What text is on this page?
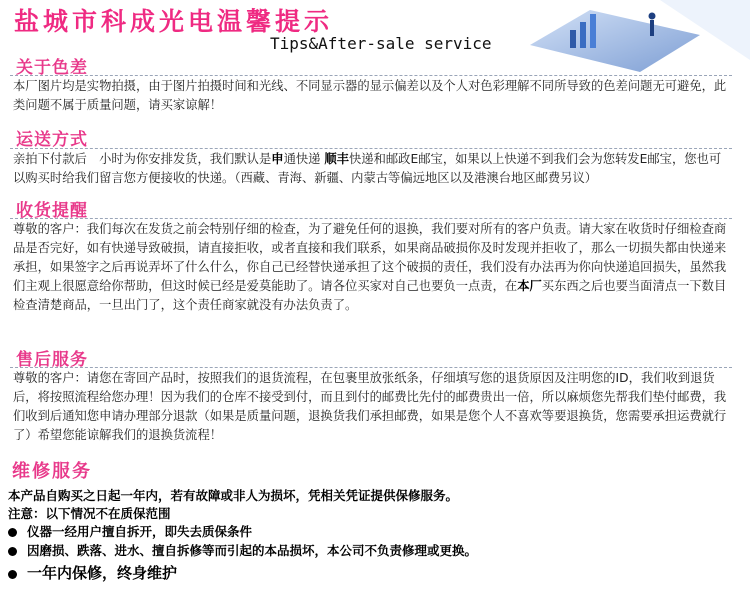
盐城市科成光电温馨提示
Tips&After-sale service
关于色差
本厂图片均是实物拍摄，由于图片拍摄时间和光线、不同显示器的显示偏差以及个人对色彩理解不同所导致的色差问题无可避免，此类问题不属于质量问题，请买家谅解！
运送方式
亲拍下付款后　小时为你安排发货，我们默认是申通快递 顺丰快递和邮政E邮宝，如果以上快递不到我们会为您转发E邮宝，您也可以购买时给我们留言您方便接收的快递。（西藏、青海、新疆、内蒙古等偏远地区以及港澳台地区邮费另议）
收货提醒
尊敬的客户：我们每次在发货之前会特别仔细的检查，为了避免任何的退换，我们要对所有的客户负责。请大家在收货时仔细检查商品是否完好，如有快递导致破损，请直接拒收，或者直接和我们联系，如果商品破损你及时发现并拒收了，那么一切损失都由快递来承担，如果签字之后再说弄坏了什么什么，你自己已经替快递承担了这个破损的责任，我们没有办法再为你向快递追回损失，虽然我们主观上很愿意给你帮助，但这时候已经是爱莫能助了。请各位买家对自己也要负一点责，在本厂买东西之后也要当面清点一下数目检查清楚商品，一旦出门了，这个责任商家就没有办法负责了。
售后服务
尊敬的客户：请您在寄回产品时，按照我们的退货流程，在包裹里放张纸条，仔细填写您的退货原因及注明您的ID，我们收到退货后，将按照流程给您办理！因为我们的仓库不接受到付，而且到付的邮费比先付的邮费贵出一倍，所以麻烦您先帮我们垫付邮费，我们收到后通知您申请办理部分退款（如果是质量问题，退换货我们承担邮费，如果是您个人不喜欢等要退换货，您需要承担运费就行了）希望您能谅解我们的退换货流程！
维修服务
本产品自购买之日起一年内，若有故障或非人为损坏，凭相关凭证提供保修服务。
注意：以下情况不在质保范围
仪器一经用户擅自拆开，即失去质保条件
因磨损、跌落、进水、擅自拆修等而引起的本品损坏，本公司不负责修理或更换。
一年内保修，终身维护
